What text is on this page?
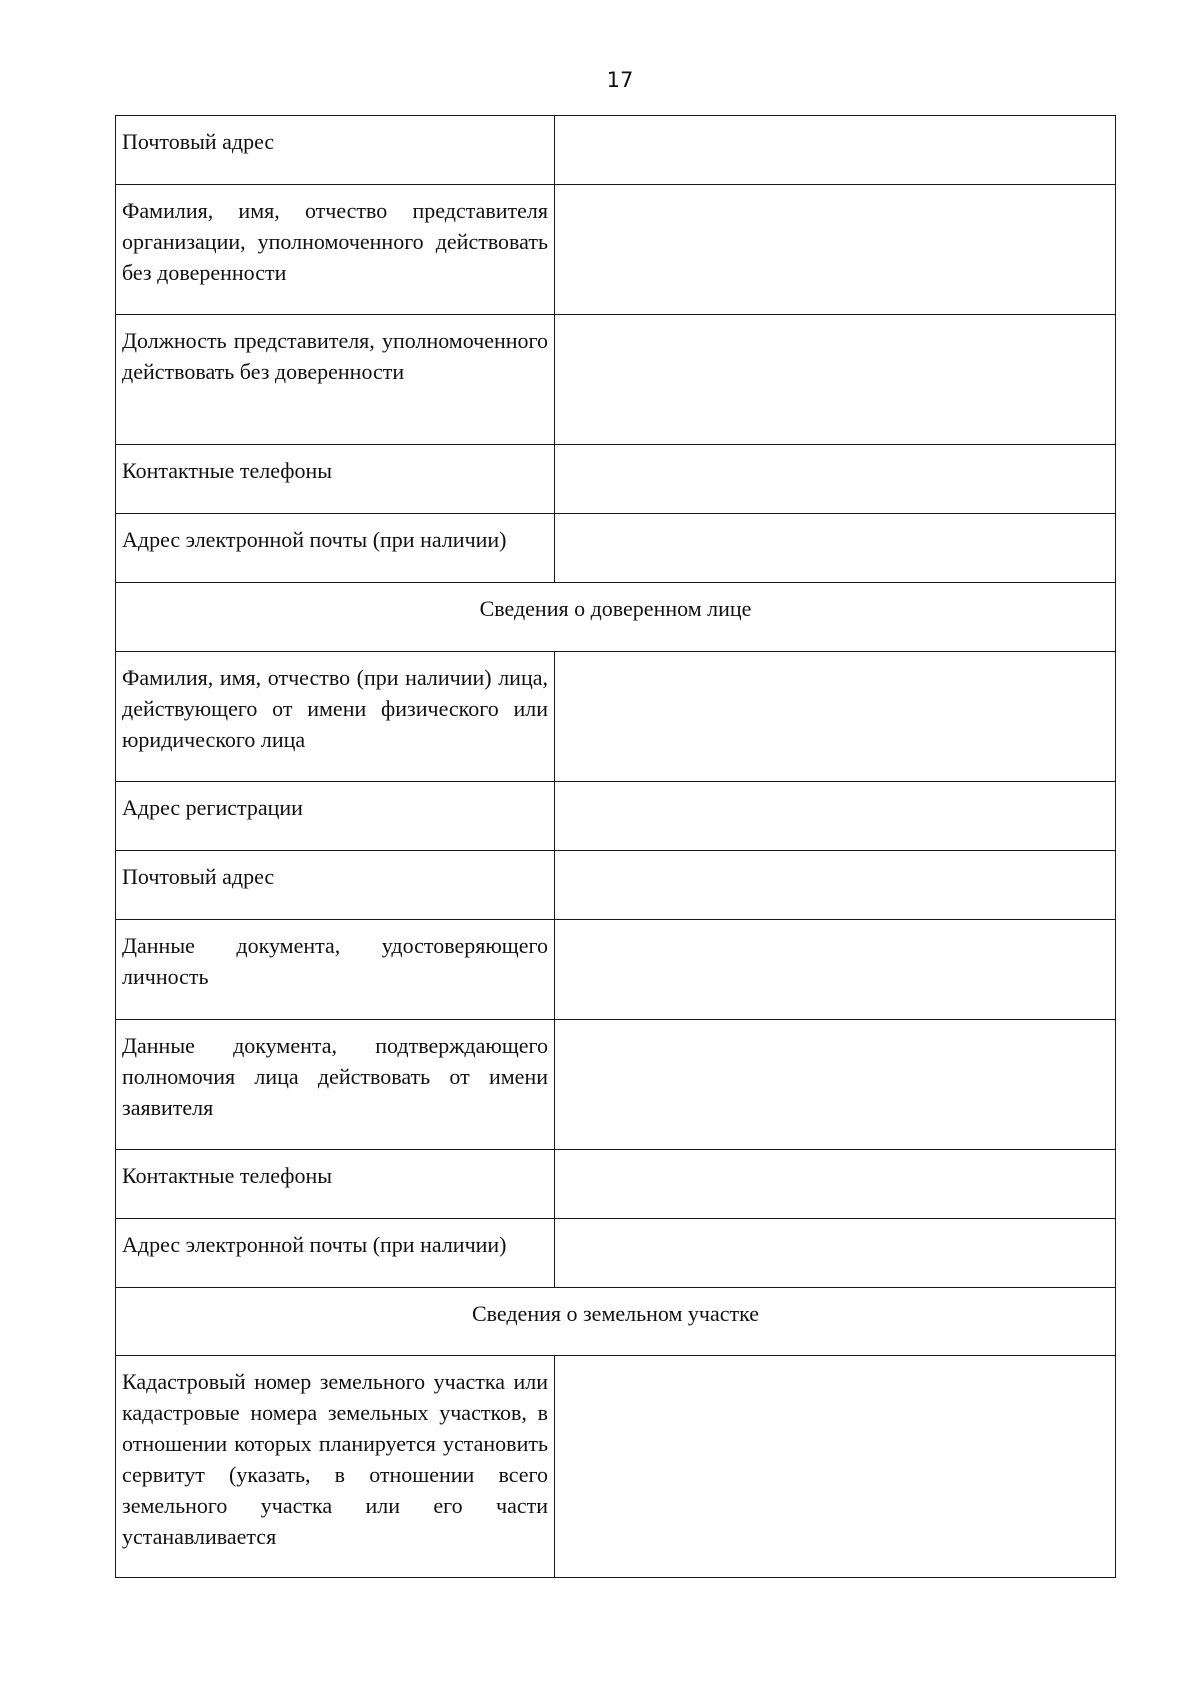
17
Почтовый адрес	
Фамилия, имя, отчество представителя организации, уполномоченного действовать без доверенности	
Должность представителя, уполномоченного действовать без доверенности	
Контактные телефоны	
Адрес электронной почты (при наличии)	
Сведения о доверенном лице	
Фамилия, имя, отчество (при наличии) лица, действующего от имени физического или юридического лица	
Адрес регистрации	
Почтовый адрес	
Данные документа, удостоверяющего личность	
Данные документа, подтверждающего полномочия лица действовать от имени заявителя	
Контактные телефоны	
Адрес электронной почты (при наличии)	
Сведения о земельном участке	
Кадастровый номер земельного участка или кадастровые номера земельных участков, в отношении которых планируется установить сервитут (указать, в отношении всего земельного участка или его части устанавливается	
